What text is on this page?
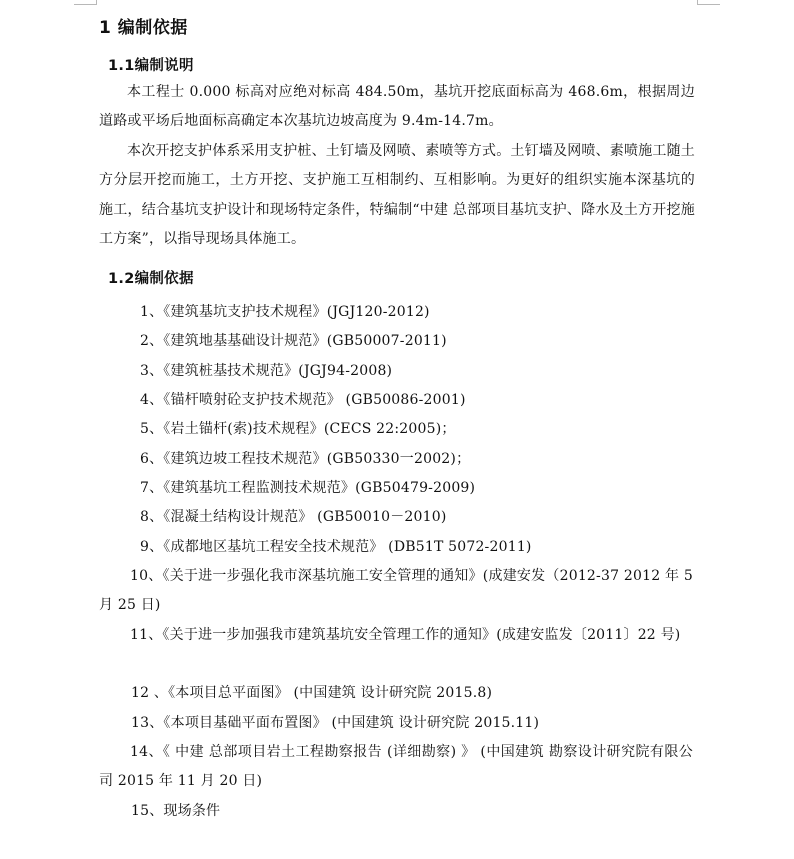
1 编制依据
1.1编制说明
本工程士 0.000 标高对应绝对标高 484.50m，基坑开挖底面标高为 468.6m，根据周边道路或平场后地面标高确定本次基坑边坡高度为 9.4m-14.7m。
本次开挖支护体系采用支护桩、土钉墙及网喷、素喷等方式。土钉墙及网喷、素喷施工随土方分层开挖而施工，土方开挖、支护施工互相制约、互相影响。为更好的组织实施本深基坑的施工，结合基坑支护设计和现场特定条件，特编制“中建 总部项目基坑支护、降水及土方开挖施工方案”，以指导现场具体施工。
1.2编制依据
1、《建筑基坑支护技术规程》(JGJ120-2012)
2、《建筑地基基础设计规范》(GB50007-2011)
3、《建筑桩基技术规范》(JGJ94-2008)
4、《锚杆喷射砼支护技术规范》 (GB50086-2001)
5、《岩土锚杆(索)技术规程》(CECS 22:2005)；
6、《建筑边坡工程技术规范》(GB50330一2002)；
7、《建筑基坑工程监测技术规范》(GB50479-2009)
8、《混凝土结构设计规范》 (GB50010－2010)
9、《成都地区基坑工程安全技术规范》 (DB51T 5072-2011)
10、《关于进一步强化我市深基坑施工安全管理的通知》(成建安发（2012-37 2012 年 5 月 25 日)
11、《关于进一步加强我市建筑基坑安全管理工作的通知》(成建安监发〔2011〕22 号)
12 、《本项目总平面图》 (中国建筑 设计研究院 2015.8)
13、《本项目基础平面布置图》 (中国建筑 设计研究院 2015.11)
14、《 中建 总部项目岩土工程勘察报告 (详细勘察) 》 (中国建筑 勘察设计研究院有限公司 2015 年 11 月 20 日)
15、现场条件
